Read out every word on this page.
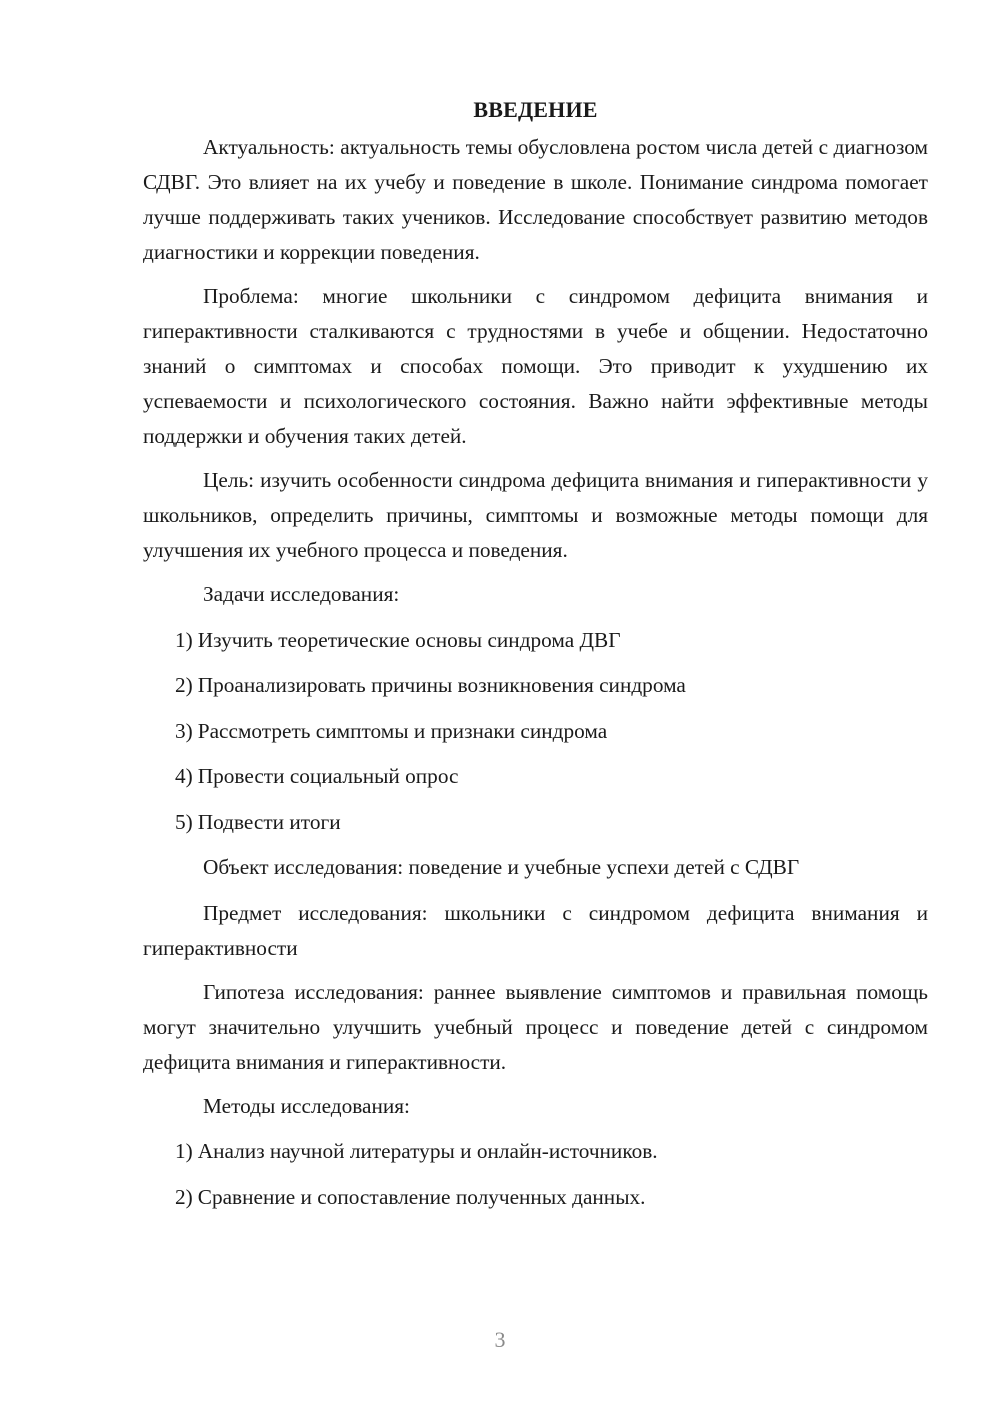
ВВЕДЕНИЕ

Актуальность: актуальность темы обусловлена ростом числа детей с диагнозом СДВГ. Это влияет на их учебу и поведение в школе. Понимание синдрома помогает лучше поддерживать таких учеников. Исследование способствует развитию методов диагностики и коррекции поведения.

Проблема: многие школьники с синдромом дефицита внимания и гиперактивности сталкиваются с трудностями в учебе и общении. Недостаточно знаний о симптомах и способах помощи. Это приводит к ухудшению их успеваемости и психологического состояния. Важно найти эффективные методы поддержки и обучения таких детей.

Цель: изучить особенности синдрома дефицита внимания и гиперактивности у школьников, определить причины, симптомы и возможные методы помощи для улучшения их учебного процесса и поведения.

Задачи исследования:
1) Изучить теоретические основы синдрома ДВГ
2) Проанализировать причины возникновения синдрома
3) Рассмотреть симптомы и признаки синдрома
4) Провести социальный опрос
5) Подвести итоги
Объект исследования: поведение и учебные успехи детей с СДВГ

Предмет исследования: школьники с синдромом дефицита внимания и гиперактивности

Гипотеза исследования: раннее выявление симптомов и правильная помощь могут значительно улучшить учебный процесс и поведение детей с синдромом дефицита внимания и гиперактивности.

Методы исследования:
1) Анализ научной литературы и онлайн-источников.
2) Сравнение и сопоставление полученных данных.
3
